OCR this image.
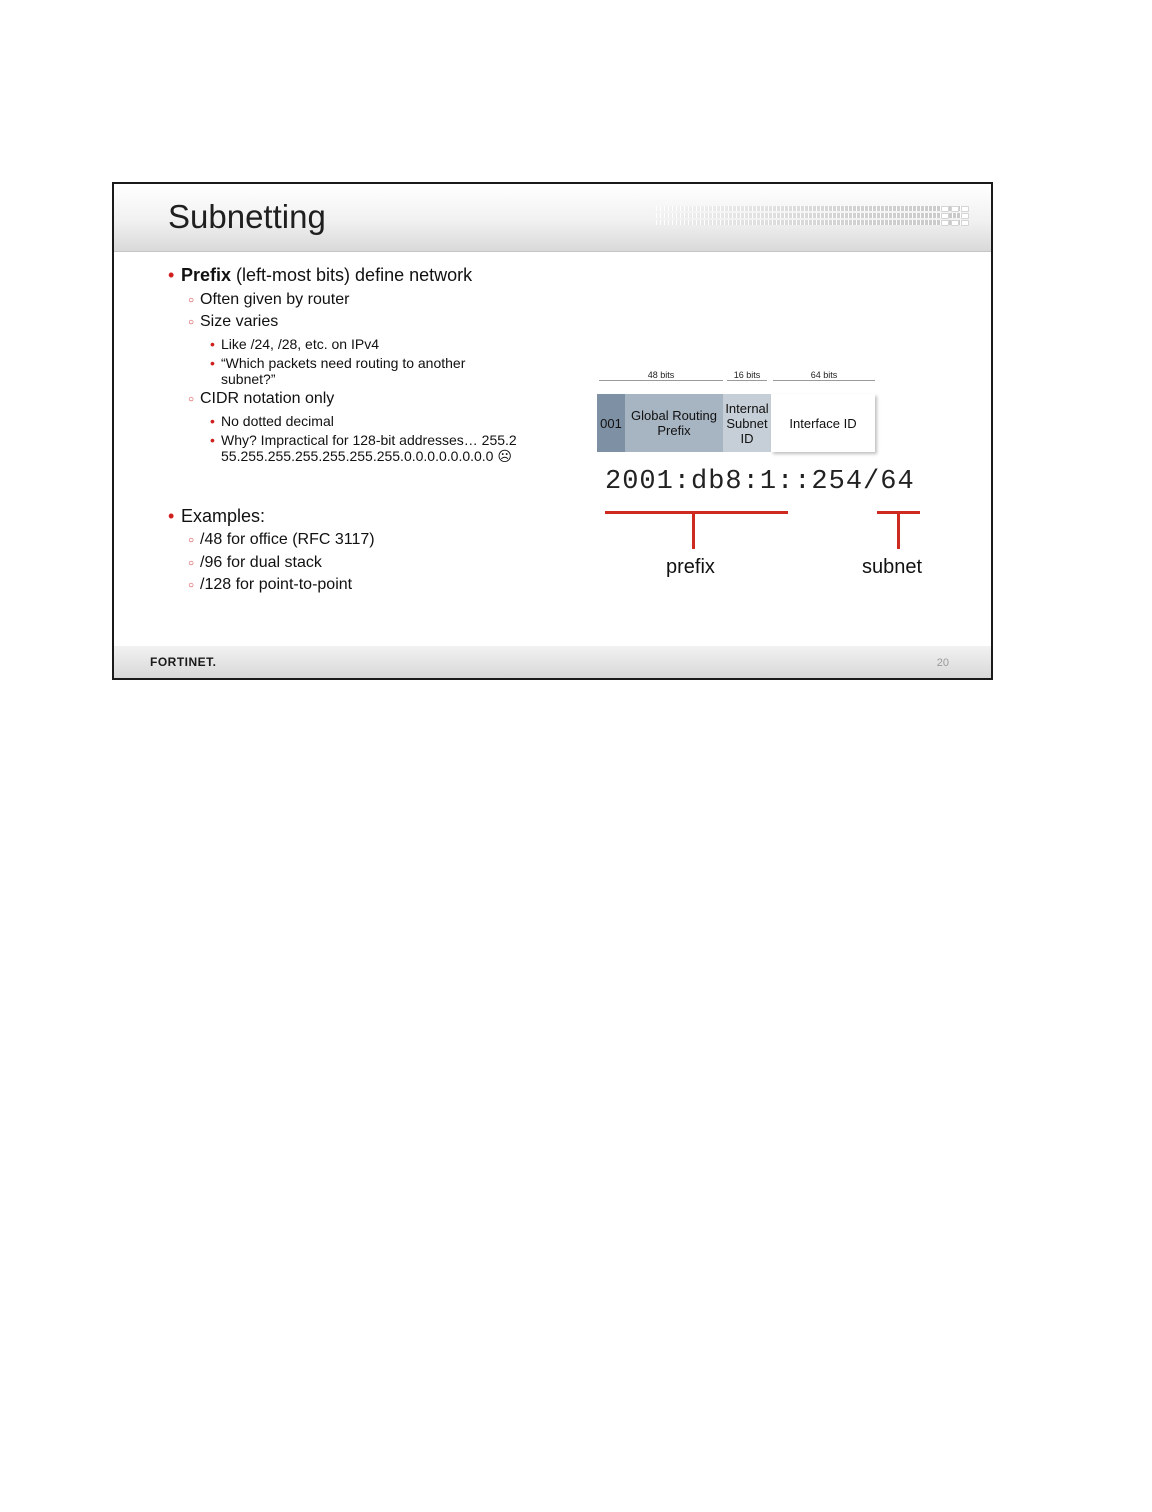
Subnetting
• Prefix (left-most bits) define network
○ Often given by router
○ Size varies
• Like /24, /28, etc. on IPv4
• “Which packets need routing to another subnet?”
○ CIDR notation only
• No dotted decimal
• Why? Impractical for 128-bit addresses… 255.255.255.255.255.255.255.255.0.0.0.0.0.0.0.0 ☹
• Examples:
○ /48 for office (RFC 3117)
○ /96 for dual stack
○ /128 for point-to-point
48 bits	16 bits	64 bits
001 Global Routing Prefix
Internal Subnet ID
Interface ID
2001:db8:1::254/64
prefix	subnet
FORTINET.	20
